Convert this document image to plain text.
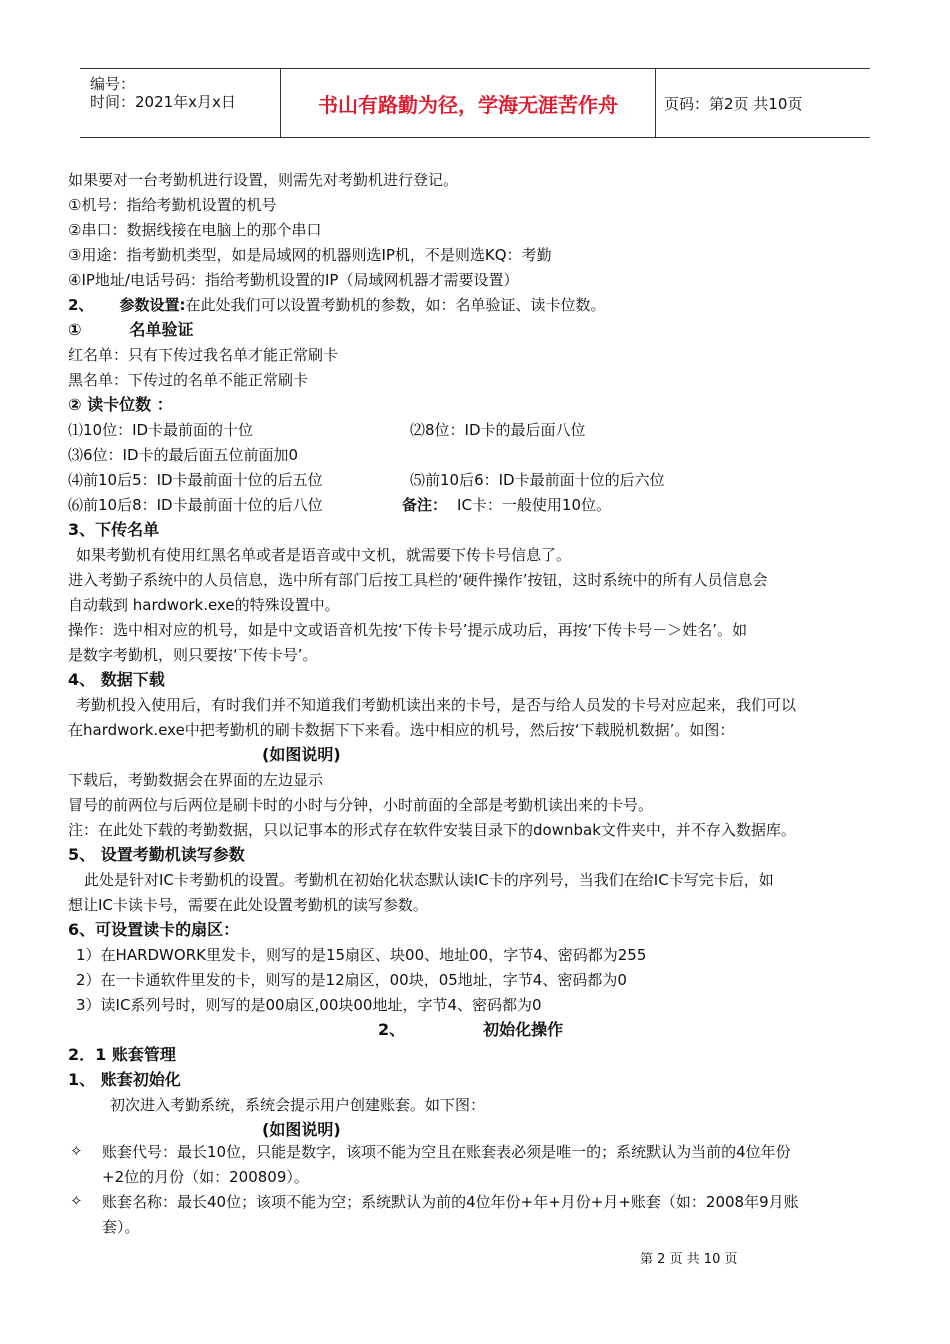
编号：
时间：2021年x月x日	书山有路勤为径，学海无涯苦作舟	页码：第2页 共10页
如果要对一台考勤机进行设置，则需先对考勤机进行登记。
①机号：指给考勤机设置的机号
②串口：数据线接在电脑上的那个串口
③用途：指考勤机类型，如是局域网的机器则选IP机，不是则选KQ：考勤
④IP地址/电话号码：指给考勤机设置的IP（局域网机器才需要设置）
2、 参数设置:在此处我们可以设置考勤机的参数，如：名单验证、读卡位数。
①	名单验证
红名单：只有下传过我名单才能正常刷卡
黑名单：下传过的名单不能正常刷卡
② 读卡位数 ：
⑴10位：ID卡最前面的十位	⑵8位：ID卡的最后面八位
⑶6位：ID卡的最后面五位前面加0
⑷前10后5：ID卡最前面十位的后五位	⑸前10后6：ID卡最前面十位的后六位
⑹前10后8：ID卡最前面十位的后八位	备注： IC卡：一般使用10位。
3、下传名单
如果考勤机有使用红黑名单或者是语音或中文机，就需要下传卡号信息了。
进入考勤子系统中的人员信息，选中所有部门后按工具栏的‘硬件操作’按钮，这时系统中的所有人员信息会
自动载到 hardwork.exe的特殊设置中。
操作：选中相对应的机号，如是中文或语音机先按‘下传卡号’提示成功后，再按‘下传卡号－＞姓名’。如
是数字考勤机，则只要按‘下传卡号’。
4、 数据下载
考勤机投入使用后，有时我们并不知道我们考勤机读出来的卡号，是否与给人员发的卡号对应起来，我们可以
在hardwork.exe中把考勤机的刷卡数据下下来看。选中相应的机号，然后按‘下载脱机数据’。如图：
(如图说明)
下载后，考勤数据会在界面的左边显示
冒号的前两位与后两位是刷卡时的小时与分钟，小时前面的全部是考勤机读出来的卡号。
注：在此处下载的考勤数据，只以记事本的形式存在软件安装目录下的downbak文件夹中，并不存入数据库。
5、 设置考勤机读写参数
此处是针对IC卡考勤机的设置。考勤机在初始化状态默认读IC卡的序列号，当我们在给IC卡写完卡后，如
想让IC卡读卡号，需要在此处设置考勤机的读写参数。
6、可设置读卡的扇区：
1）在HARDWORK里发卡，则写的是15扇区、块00、地址00，字节4、密码都为255
2）在一卡通软件里发的卡，则写的是12扇区，00块，05地址，字节4、密码都为0
3）读IC系列号时，则写的是00扇区,00块00地址，字节4、密码都为0
2、	初始化操作
2．1 账套管理
1、 账套初始化
初次进入考勤系统，系统会提示用户创建账套。如下图：
(如图说明)
✧ 账套代号：最长10位，只能是数字，该项不能为空且在账套表必须是唯一的；系统默认为当前的4位年份
+2位的月份（如：200809）。
✧ 账套名称：最长40位；该项不能为空；系统默认为前的4位年份+年+月份+月+账套（如：2008年9月账
套）。
第 2 页 共 10 页
